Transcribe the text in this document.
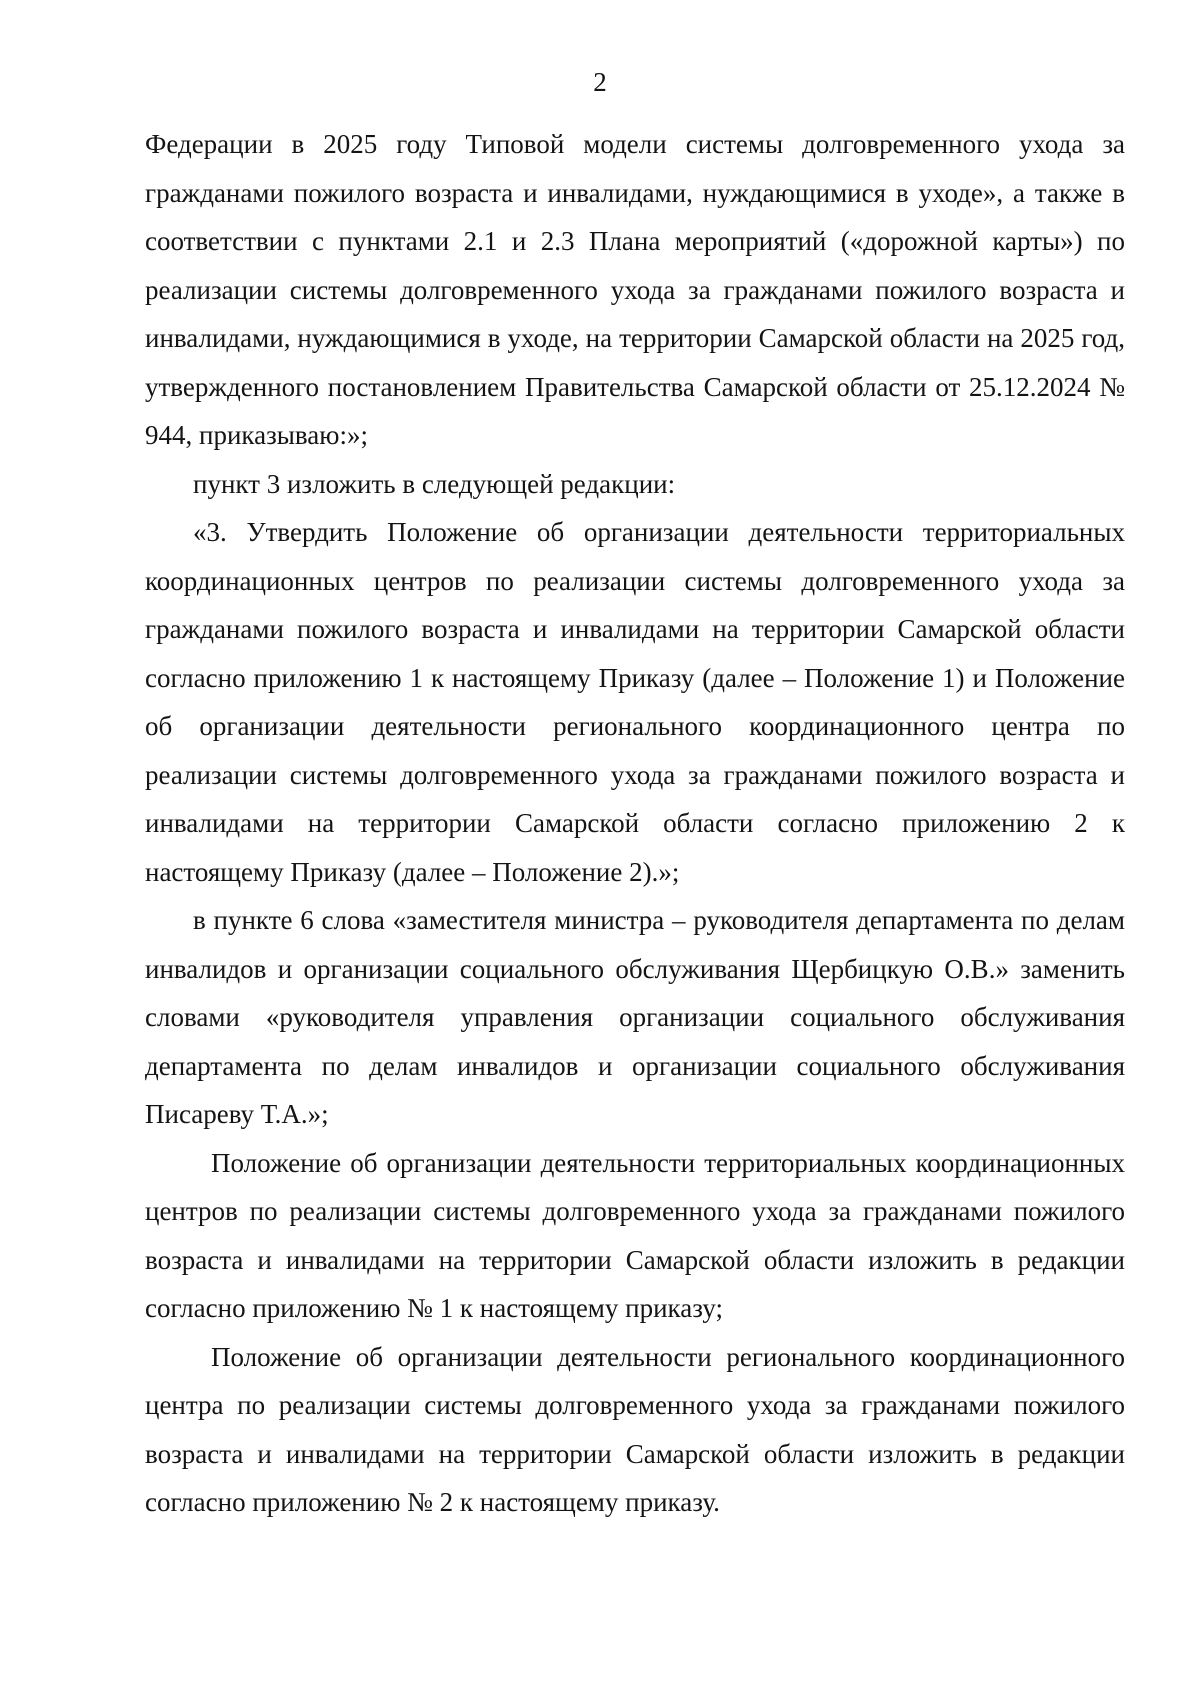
2

Федерации в 2025 году Типовой модели системы долговременного ухода за гражданами пожилого возраста и инвалидами, нуждающимися в уходе», а также в соответствии с пунктами 2.1 и 2.3 Плана мероприятий («дорожной карты») по реализации системы долговременного ухода за гражданами пожилого возраста и инвалидами, нуждающимися в уходе, на территории Самарской области на 2025 год, утвержденного постановлением Правительства Самарской области от 25.12.2024 № 944, приказываю:»;

пункт 3 изложить в следующей редакции:

«3. Утвердить Положение об организации деятельности территориальных координационных центров по реализации системы долговременного ухода за гражданами пожилого возраста и инвалидами на территории Самарской области согласно приложению 1 к настоящему Приказу (далее – Положение 1) и Положение об организации деятельности регионального координационного центра по реализации системы долговременного ухода за гражданами пожилого возраста и инвалидами на территории Самарской области согласно приложению 2 к настоящему Приказу (далее – Положение 2).»;

в пункте 6 слова «заместителя министра – руководителя департамента по делам инвалидов и организации социального обслуживания Щербицкую О.В.» заменить словами «руководителя управления организации социального обслуживания департамента по делам инвалидов и организации социального обслуживания Писареву Т.А.»;

Положение об организации деятельности территориальных координационных центров по реализации системы долговременного ухода за гражданами пожилого возраста и инвалидами на территории Самарской области изложить в редакции согласно приложению № 1 к настоящему приказу;

Положение об организации деятельности регионального координационного центра по реализации системы долговременного ухода за гражданами пожилого возраста и инвалидами на территории Самарской области изложить в редакции согласно приложению № 2 к настоящему приказу.
